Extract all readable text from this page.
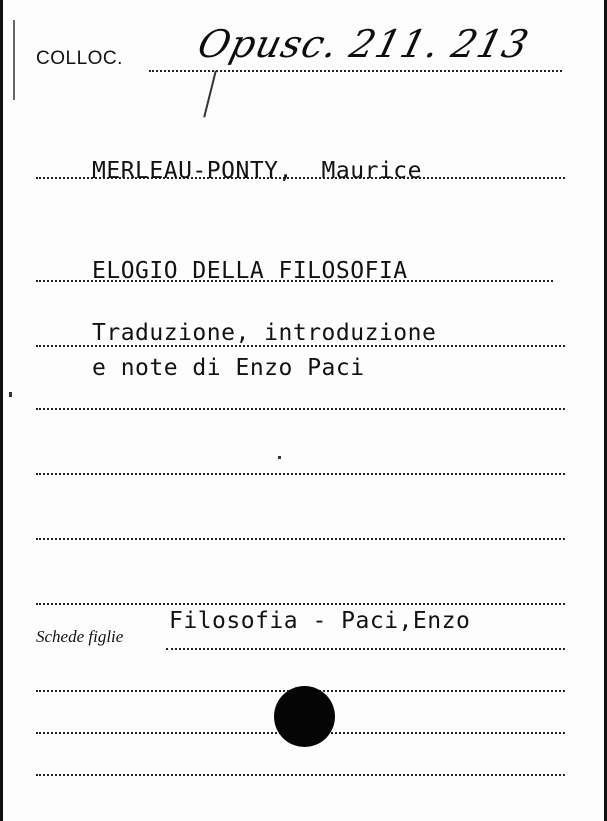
COLLOC. Opusc. 211. 213
MERLEAU-PONTY,  Maurice
ELOGIO DELLA FILOSOFIA
Traduzione, introduzione
e note di Enzo Paci
Schede figlie
Filosofia - Paci,Enzo
